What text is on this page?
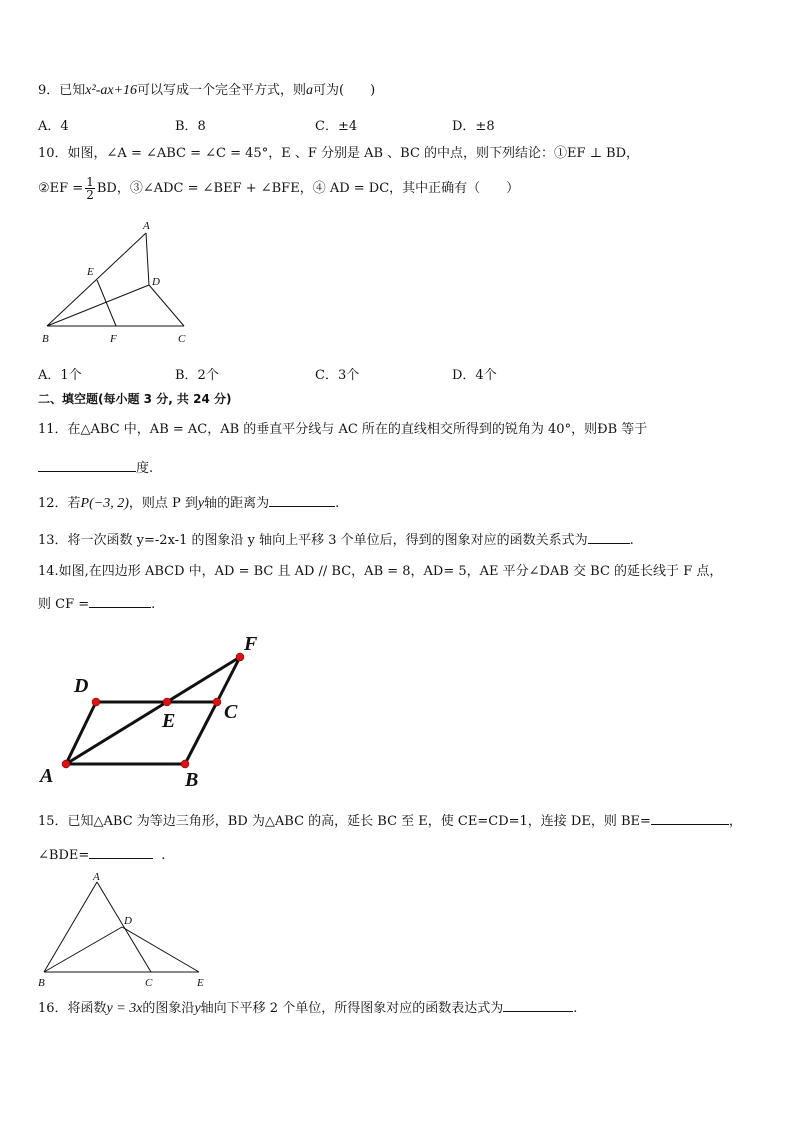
9．已知x²-ax+16可以写成一个完全平方式，则a可为(　　)
A．4	B．8	C．±4	D．±8
10．如图，∠A = ∠ABC = ∠C = 45°，E 、F 分别是 AB 、BC 的中点，则下列结论：①EF ⊥ BD，
②EF = $\frac{1}{2}$ BD，③∠ADC = ∠BEF + ∠BFE，④ AD = DC，其中正确有（　　）
A
B	C
D
E
F
A．1个	B．2个	C．3个	D．4个
二、填空题(每小题 3 分, 共 24 分)
11．在△ABC 中，AB = AC，AB 的垂直平分线与 AC 所在的直线相交所得到的锐角为 40°，则ÐB 等于
度.
12．若P(−3, 2)，则点 P 到y轴的距离为	.
13．将一次函数 y=-2x-1 的图象沿 y 轴向上平移 3 个单位后，得到的图象对应的函数关系式为	.
14.如图,在四边形 ABCD 中，AD = BC 且 AD // BC，AB = 8，AD= 5，AE 平分∠DAB 交 BC 的延长线于 F 点，
则 CF =	.
A	B
C
D
E
F
15．已知△ABC 为等边三角形，BD 为△ABC 的高，延长 BC 至 E，使 CE=CD=1，连接 DE，则 BE=	，
∠BDE=	.
A
B	C
D
E
16．将函数y = 3x的图象沿y轴向下平移 2 个单位，所得图象对应的函数表达式为	.
